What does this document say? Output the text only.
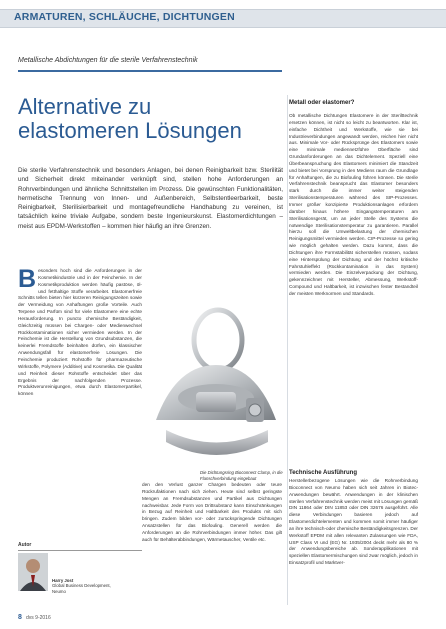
ARMATUREN, SCHLÄUCHE, DICHTUNGEN
Metallische Abdichtungen für die sterile Verfahrenstechnik
Alternative zu
elastomeren Lösungen
Die sterile Verfahrenstechnik und besonders Anlagen, bei denen Reinigbarkeit bzw. Sterilität und Sicherheit direkt miteinander verknüpft sind, stellen hohe Anforderungen an Rohrverbindungen und ähnliche Schnittstellen im Prozess. Die gewünschten Funktionalitäten, hermetische Trennung von Innen- und Außenbereich, Selbstentleerbarkeit, beste Reinigbarkeit, Sterilisierbarkeit und montagefreundliche Handhabung zu vereinen, ist tatsächlich keine triviale Aufgabe, sondern beste Ingenieurskunst. Elastomerdichtungen – meist aus EPDM-Werkstoffen – kommen hier häufig an ihre Grenzen.
Besonders hoch sind die Anforderungen in der Kosmetikindustrie und in der Feinchemie. In der Kosmetikproduktion werden häufig pastöse, öl- und fetthaltige Stoffe verarbeitet. Elastomerfreie Schnitts tellen bieten hier kürzeren Reinigungszeiten sowie der Vermeidung von Anhaftungen große Vorteile. Auch Terpene und Parfüm sind für viele Elastomere eine echte Herausforderung. In puncto chemische Beständigkeit, Gleichzeitig müssen bei Chargen- oder Medienwechsel Rückkontaminationen sicher vermieden werden. In der Feinchemie ist die Herstellung von Grundsubstanzen, die keinerlei Fremdstoffe beinhalten dürfen, ein klassischer Anwendungsfall für elastomerfreie Lösungen. Die Feinchemie produziert Rohstoffe für pharmazeutische Wirkstoffe, Polymere (Additive) und Kosmetika. Die Qualität und Reinheit dieser Rohstoffe entscheidet über das Ergebnis der nachfolgenden Prozesse. Produktverunreinigungen, etwa durch Elastomerpartikel, können
Die Dichtungsring Bioconnect Clamp, in die Flanschverbindung eingebaut
den den Verlust ganzer Chargen bedeuten oder teure Rückrufaktionen nach sich ziehen. Heute sind selbst geringste Mengen an Fremdsubstanzen und Partikel aus Dichtungen nachweisbar. Jede Form von Drittsubstanz kann Einschränkungen in Bezug auf Reinheit und Haltbarkeit des Produkts mit sich bringen. Zudem bilden vor- oder zurückspringende Dichtungen Ansatzstellen für das Biofouling. Generell werden die Anforderungen an die Rohrverbindungen immer höher. Das gilt auch für Behälterabbindungen, Wärmetauscher, Ventile etc.
Metall oder elastomer?
Ob metallische Dichtungen Elastomere in der Sterilttechnik ersetzen können, ist nicht so leicht zu beantworten. Klar ist, einfache Dichtheit und Werkstoffe, wie sie bei Industrieverbindungen angewandt werden, reichen hier nicht aus. Minimale Vor- oder Rücksprünge des Elastomers sowie eine minimale mediennetzführe Oberfläche sind Grundanforderungen an das Dichtelement. Speziell eine Überbeanspruchung des Elastomers minimiert die Standzeit und bietet bei Vorsprung in den Mediens raum die Grundlage für Anhaftungen, die zu Biofouling führen können. Die sterile Verfahrenstechnik beansprucht das Elastomer besonders stark durch die immer weiter steigenden Sterilisationstemperaturen während des SIP-Prozesses. Immer größer konzipierte Produktionsanlagen erfordern darüber hinaus höhere Eingangstemperaturen am Sterilisationsgerät, um an jeder Stelle des Systems die notwendige Sterilisationstemperatur zu garantieren. Parallel hierzu soll die Umweltbelastung der chemischen Reinigungsmittel vermieden werden. CIP-Prozesse so gering wie möglich gehalten werden. Dazu kommt, dass die Dichtungen ihre Formstabilität sicherstellen müssen, sodass eine Hinterspülung der Dichtung und der höchst kritische Fahrstuhleffekt (Rückkontamination in das System) vermieden werden. Die Einzelverpackung der Dichtung, gekennzeichnet mit Hersteller, Abmessung, Werkstoff-Compound und Haltbarkeit, ist inzwischen fester Bestandteil der meisten Werknormen und Standards.
Technische Ausführung
Herstellerbezogene Lösungen wie die Rohrverbindung Bioconnect von Neumo haben sich seit Jahren in Biotec-Anwendungen bewährt. Anwendungen in der klinischen sterilen Verfahrenstechnik werden meist mit Lösungen gemäß DIN 11864 oder DIN 11853 oder DIN 32676 ausgeführt. Alle diese Verbindungen basieren jedoch auf Elastomerdichtelementen und kommen somit immer häufiger an ihre technisch-oder chemische Beständigkeitsgrenzen. Der Werkstoff EPDM mit allen relevanten Zulassungen wie FDA, USP Class VI und (EG) Nr. 1935/2004 deckt mehr als 80 % der Anwendungsbereiche ab. Sonderapplikationen mit speziellen Elastomermischungen sind zwar möglich, jedoch in Einsatzprofil und Marktver-
Autor
Harry Jost
Global Business Development,
Neumo
8 dvs 9-2016
